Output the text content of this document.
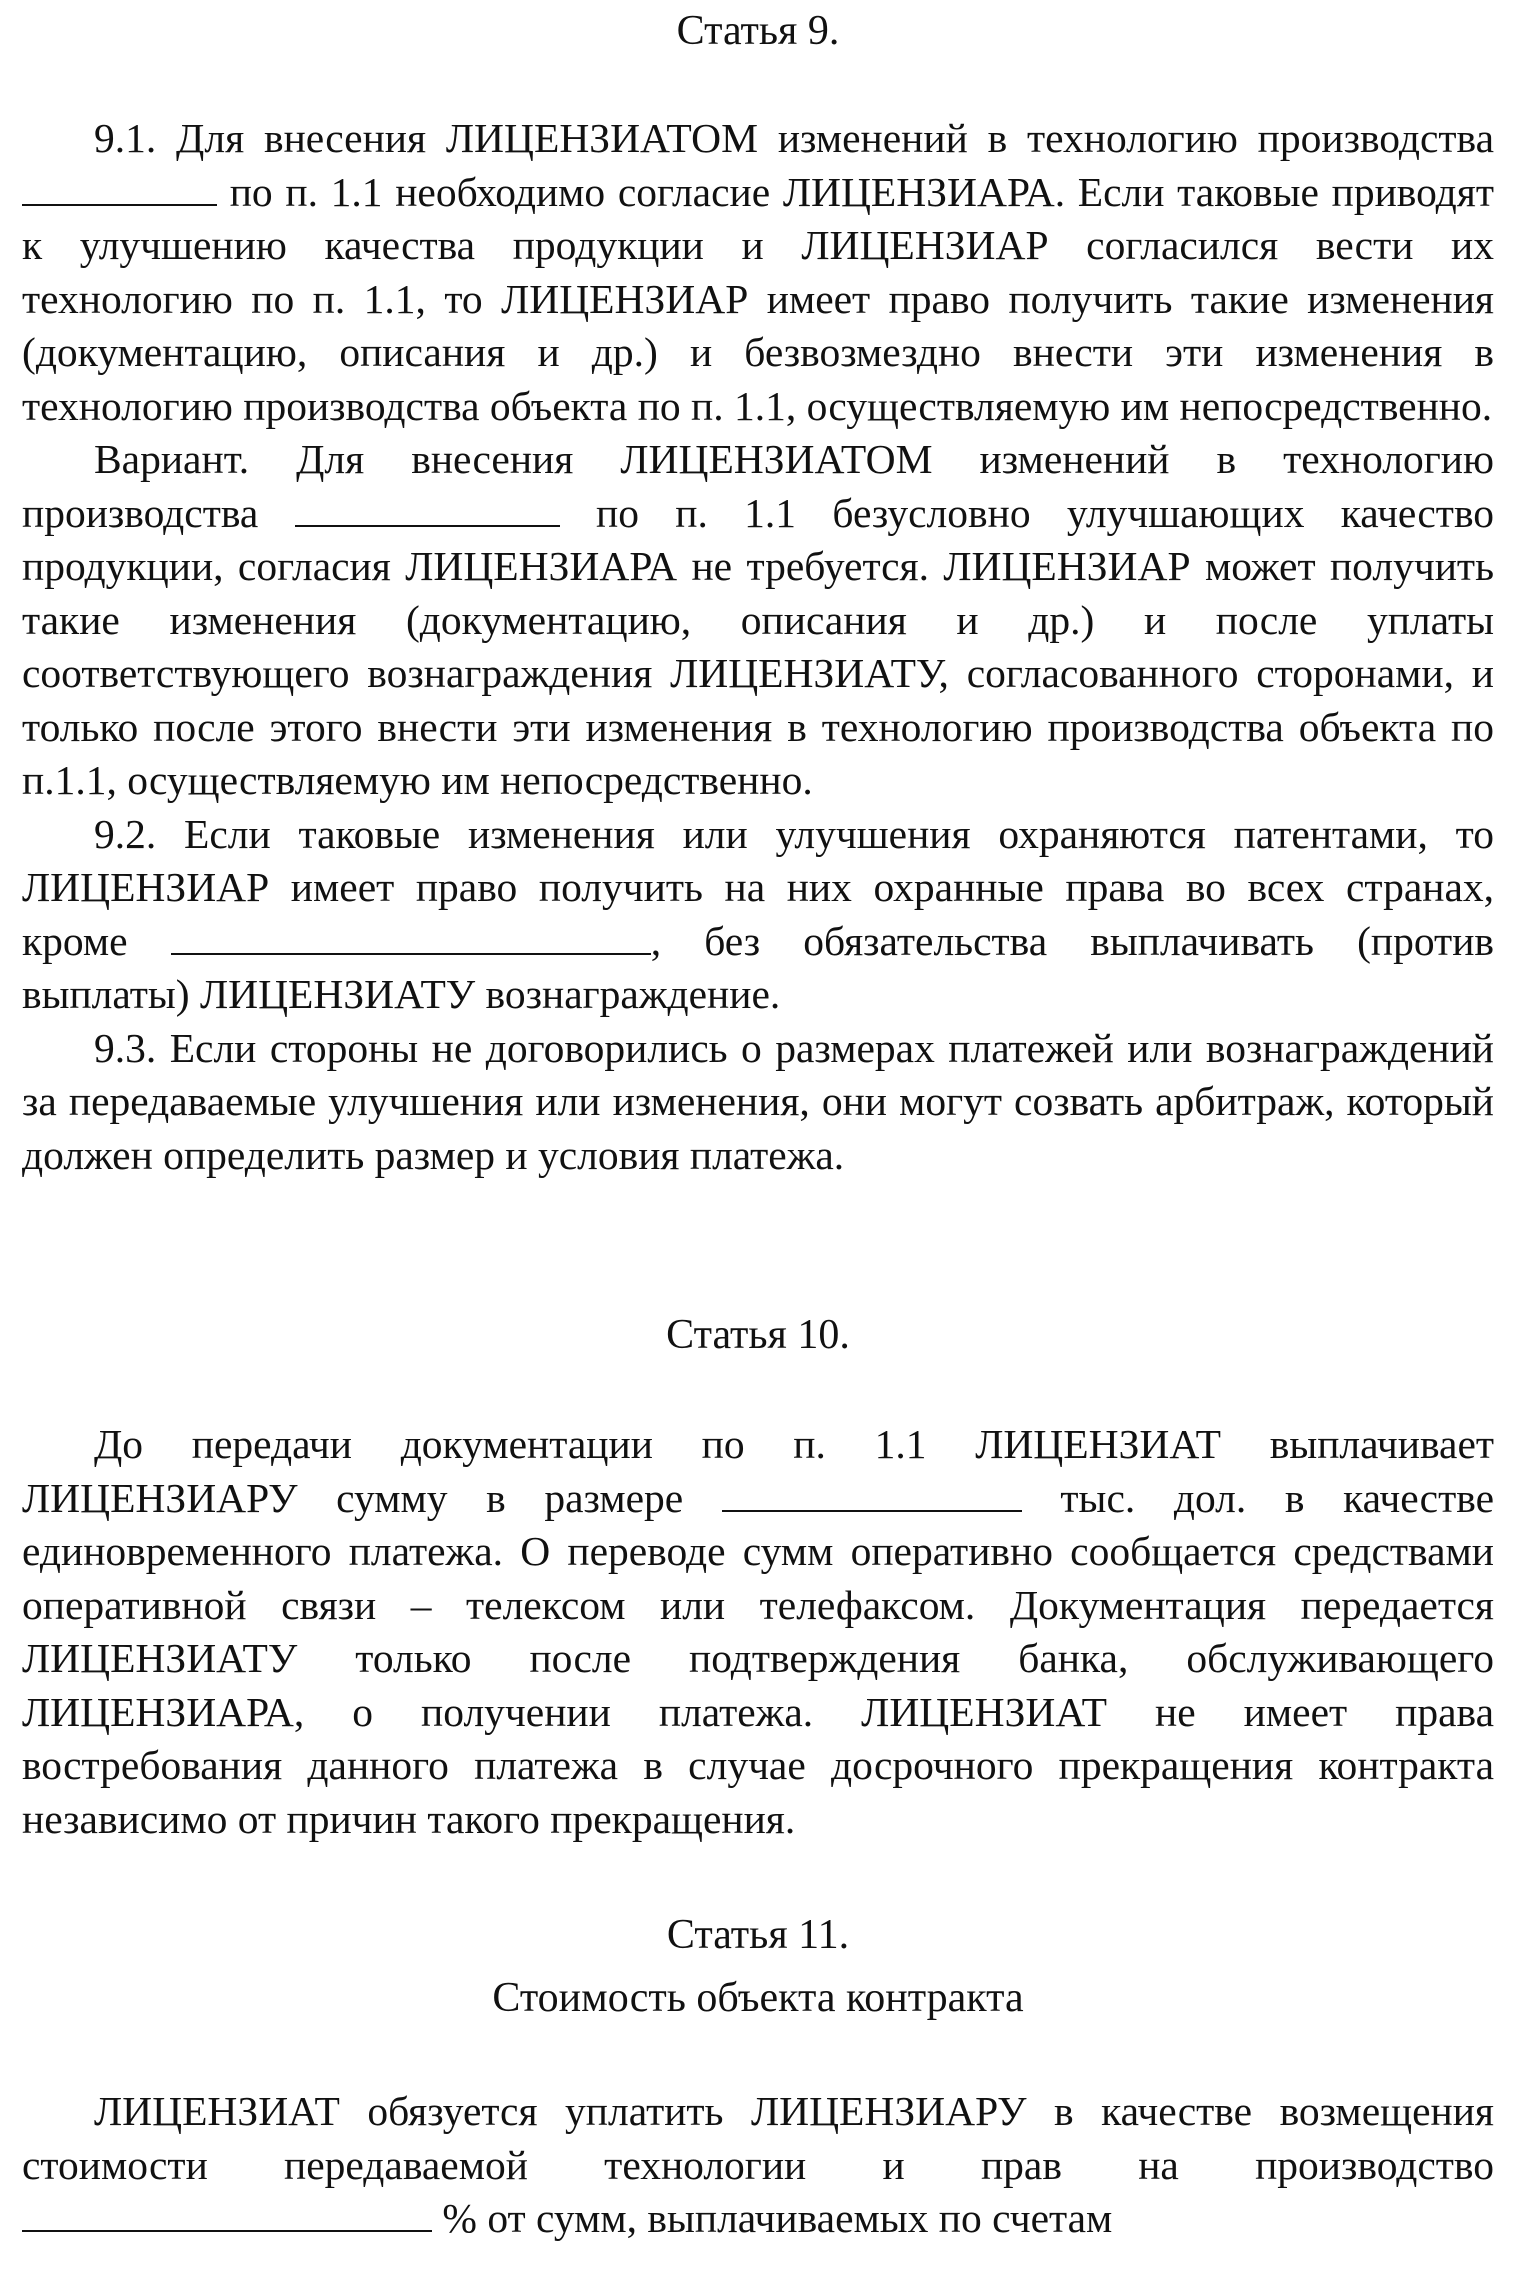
Статья 9.

9.1. Для внесения ЛИЦЕНЗИАТОМ изменений в технологию производства  по п. 1.1 необходимо согласие ЛИЦЕНЗИАРА. Если таковые приводят к улучшению качества продукции и ЛИЦЕНЗИАР согласился вести их технологию по п. 1.1, то ЛИЦЕНЗИАР имеет право получить такие изменения (документацию, описания и др.) и безвозмездно внести эти изменения в технологию производства объекта по п. 1.1, осуществляемую им непосредственно.

Вариант. Для внесения ЛИЦЕНЗИАТОМ изменений в технологию производства	по п. 1.1 безусловно улучшающих качество продукции, согласия ЛИЦЕНЗИАРА не требуется. ЛИЦЕНЗИАР может получить такие изменения (документацию, описания и др.) и после уплаты соответствующего вознаграждения ЛИЦЕНЗИАТУ, согласованного сторонами, и только после этого внести эти изменения в технологию производства объекта по п.1.1, осуществляемую им непосредственно.

9.2. Если таковые изменения или улучшения охраняются патентами, то ЛИЦЕНЗИАР имеет право получить на них охранные права во всех странах, кроме	, без обязательства выплачивать (против выплаты) ЛИЦЕНЗИАТУ вознаграждение.

9.3. Если стороны не договорились о размерах платежей или вознаграждений за передаваемые улучшения или изменения, они могут созвать арбитраж, который должен определить размер и условия платежа.

Статья 10.

До передачи документации по п. 1.1 ЛИЦЕНЗИАТ выплачивает ЛИЦЕНЗИАРУ сумму в размере	тыс. дол. в качестве единовременного платежа. О переводе сумм оперативно сообщается средствами оперативной связи – телексом или телефаксом. Документация передается ЛИЦЕНЗИАТУ только после подтверждения банка, обслуживающего ЛИЦЕНЗИАРА, о получении платежа. ЛИЦЕНЗИАТ не имеет права востребования данного платежа в случае досрочного прекращения контракта независимо от причин такого прекращения.

Статья 11.
Стоимость объекта контракта

ЛИЦЕНЗИАТ обязуется уплатить ЛИЦЕНЗИАРУ в качестве возмещения стоимости передаваемой технологии и прав на производство  % от сумм, выплачиваемых по счетам
